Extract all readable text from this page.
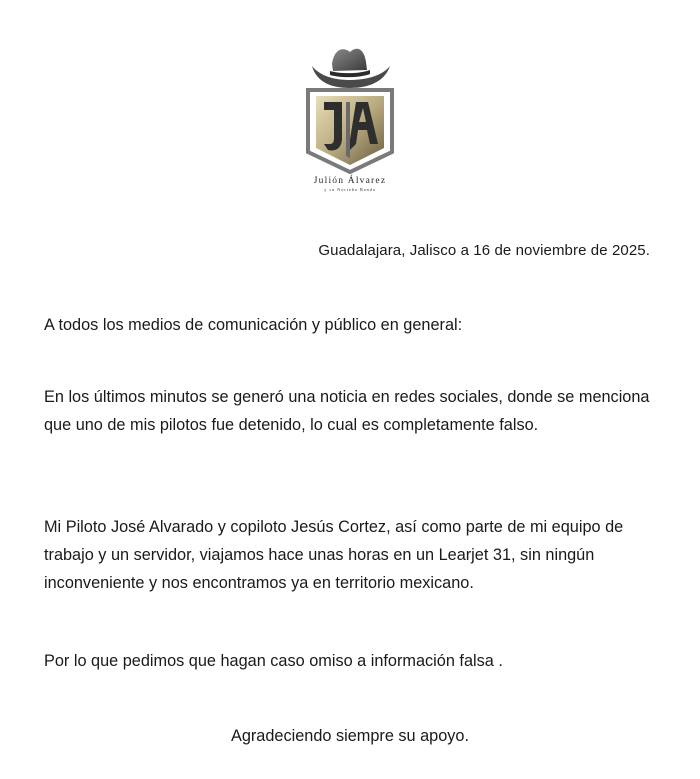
Julión Álvarez
y su Norteño Banda
Guadalajara, Jalisco a 16 de noviembre de 2025.

A todos los medios de comunicación y público en general:

En los últimos minutos se generó una noticia en redes sociales, donde se menciona que uno de mis pilotos fue detenido, lo cual es completamente falso.

Mi Piloto José Alvarado y copiloto Jesús Cortez, así como parte de mi equipo de trabajo y un servidor, viajamos hace unas horas en un Learjet 31, sin ningún inconveniente y nos encontramos ya en territorio mexicano.

Por lo que pedimos que hagan caso omiso a información falsa .

Agradeciendo siempre su apoyo.
